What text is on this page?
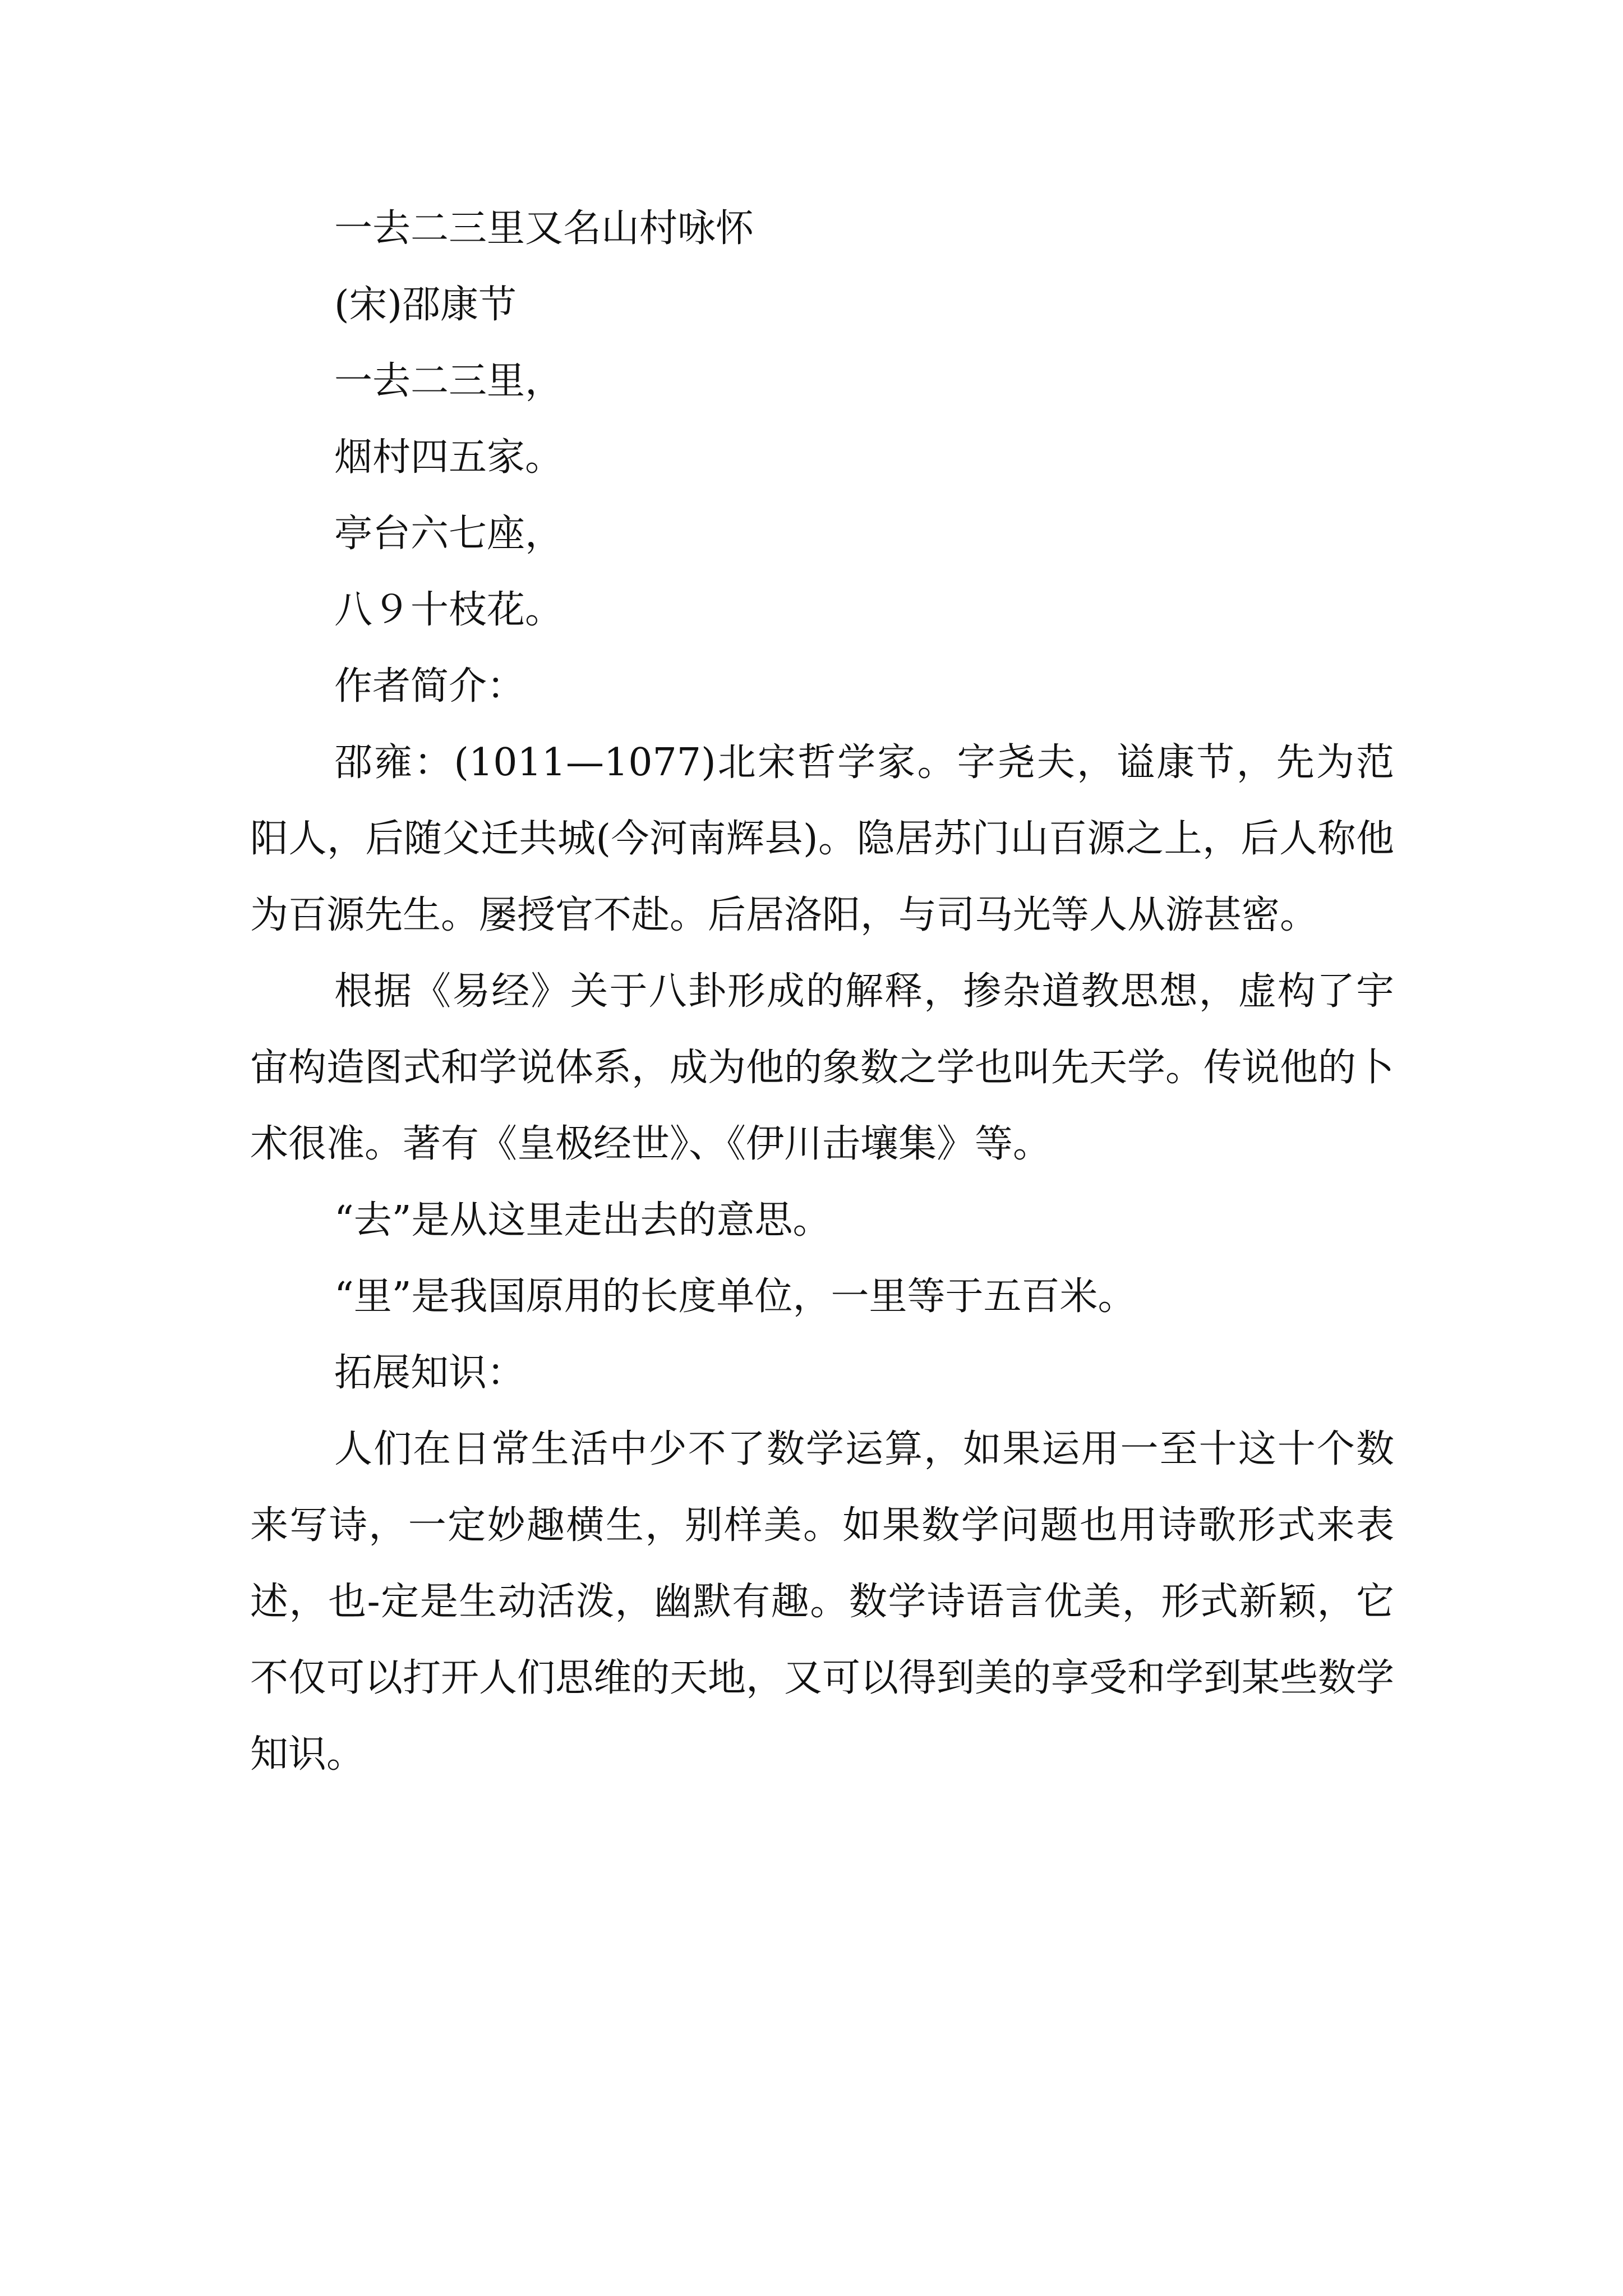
一去二三里又名山村咏怀

(宋)邵康节

一去二三里，

烟村四五家。

亭台六七座，

八９十枝花。

作者简介：

邵雍：(1011—1077)北宋哲学家。字尧夫，谥康节，先为范阳人，后随父迁共城(今河南辉县)。隐居苏门山百源之上，后人称他为百源先生。屡授官不赴。后居洛阳，与司马光等人从游甚密。

根据《易经》关于八卦形成的解释，掺杂道教思想，虚构了宇宙构造图式和学说体系，成为他的象数之学也叫先天学。传说他的卜术很准。著有《皇极经世》、《伊川击壤集》等。

“去”是从这里走出去的意思。

“里”是我国原用的长度单位，一里等于五百米。

拓展知识：

人们在日常生活中少不了数学运算，如果运用一至十这十个数来写诗，一定妙趣横生，别样美。如果数学问题也用诗歌形式来表述，也-定是生动活泼，幽默有趣。数学诗语言优美，形式新颖，它不仅可以打开人们思维的天地，又可以得到美的享受和学到某些数学知识。
